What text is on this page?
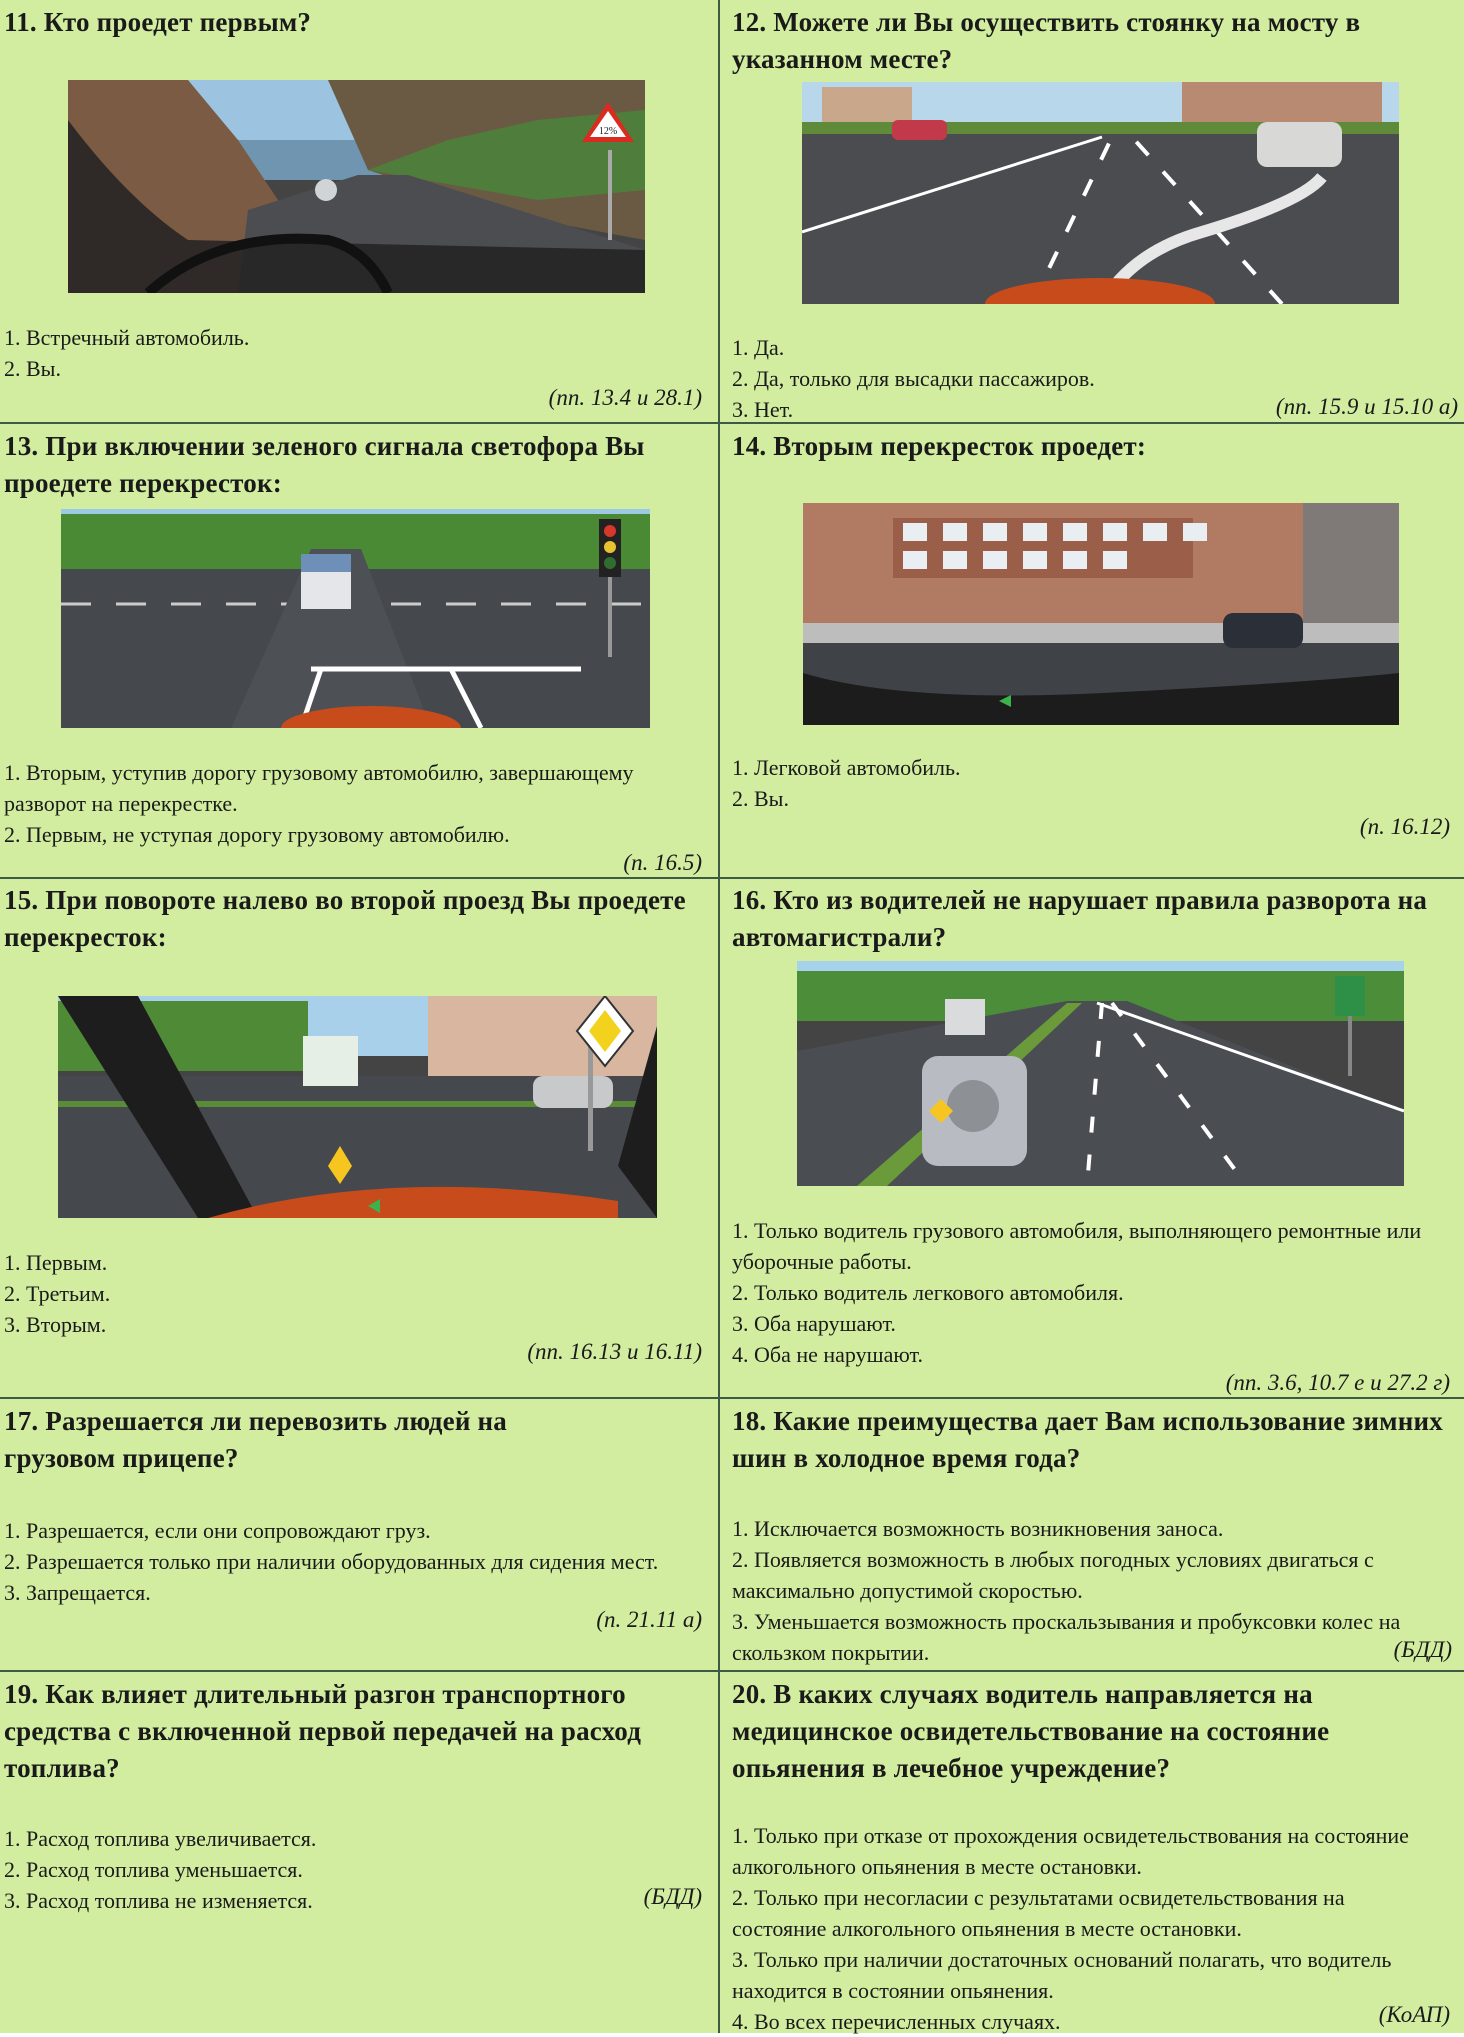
11. Кто проедет первым?
12%
1. Встречный автомобиль.
2. Вы.
(пп. 13.4 и 28.1)
12. Можете ли Вы осуществить стоянку на мосту в указанном месте?
1. Да.
2. Да, только для высадки пассажиров.
3. Нет.	(пп. 15.9 и 15.10 а)
13. При включении зеленого сигнала светофора Вы проедете перекресток:
1. Вторым, уступив дорогу грузовому автомобилю, завершающему разворот на перекрестке.
2. Первым, не уступая дорогу грузовому автомобилю.
(п. 16.5)
14. Вторым перекресток проедет:
1. Легковой автомобиль.
2. Вы.
(п. 16.12)
15. При повороте налево во второй проезд Вы проедете перекресток:
1. Первым.
2. Третьим.
3. Вторым.
(пп. 16.13 и 16.11)
16. Кто из водителей не нарушает правила разворота на автомагистрали?
1. Только водитель грузового автомобиля, выполняющего ремонтные или уборочные работы.
2. Только водитель легкового автомобиля.
3. Оба нарушают.
4. Оба не нарушают.
(пп. 3.6, 10.7 е и 27.2 г)
17. Разрешается ли перевозить людей на грузовом прицепе?
1. Разрешается, если они сопровождают груз.
2. Разрешается только при наличии оборудованных для сидения мест.
3. Запрещается.
(п. 21.11 а)
18. Какие преимущества дает Вам использование зимних шин в холодное время года?
1. Исключается возможность возникновения заноса.
2. Появляется возможность в любых погодных условиях двигаться с максимально допустимой скоростью.
3. Уменьшается возможность проскальзывания и пробуксовки колес на скользком покрытии.	(БДД)
19. Как влияет длительный разгон транспортного средства с включенной первой передачей на расход топлива?
1. Расход топлива увеличивается.
2. Расход топлива уменьшается.
3. Расход топлива не изменяется.	(БДД)
20. В каких случаях водитель направляется на медицинское освидетельствование на состояние опьянения в лечебное учреждение?
1. Только при отказе от прохождения освидетельствования на состояние алкогольного опьянения в месте остановки.
2. Только при несогласии с результатами освидетельствования на состояние алкогольного опьянения в месте остановки.
3. Только при наличии достаточных оснований полагать, что водитель находится в состоянии опьянения.
4. Во всех перечисленных случаях.	(КоАП)
